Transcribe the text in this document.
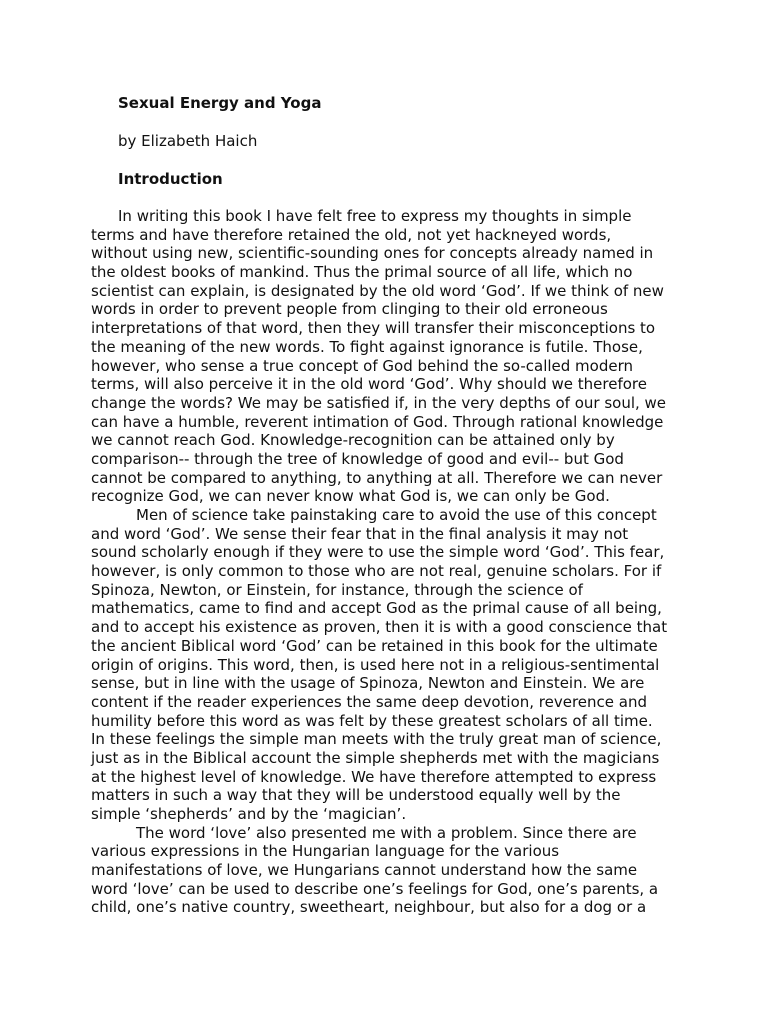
Sexual Energy and Yoga
by Elizabeth Haich
Introduction
In writing this book I have felt free to express my thoughts in simple
terms and have therefore retained the old, not yet hackneyed words,
without using new, scientific-sounding ones for concepts already named in
the oldest books of mankind. Thus the primal source of all life, which no
scientist can explain, is designated by the old word ‘God’. If we think of new
words in order to prevent people from clinging to their old erroneous
interpretations of that word, then they will transfer their misconceptions to
the meaning of the new words. To fight against ignorance is futile. Those,
however, who sense a true concept of God behind the so-called modern
terms, will also perceive it in the old word ‘God’. Why should we therefore
change the words? We may be satisfied if, in the very depths of our soul, we
can have a humble, reverent intimation of God. Through rational knowledge
we cannot reach God. Knowledge-recognition can be attained only by
comparison-- through the tree of knowledge of good and evil-- but God
cannot be compared to anything, to anything at all. Therefore we can never
recognize God, we can never know what God is, we can only be God.
Men of science take painstaking care to avoid the use of this concept
and word ‘God’. We sense their fear that in the final analysis it may not
sound scholarly enough if they were to use the simple word ‘God’. This fear,
however, is only common to those who are not real, genuine scholars. For if
Spinoza, Newton, or Einstein, for instance, through the science of
mathematics, came to find and accept God as the primal cause of all being,
and to accept his existence as proven, then it is with a good conscience that
the ancient Biblical word ‘God’ can be retained in this book for the ultimate
origin of origins. This word, then, is used here not in a religious-sentimental
sense, but in line with the usage of Spinoza, Newton and Einstein. We are
content if the reader experiences the same deep devotion, reverence and
humility before this word as was felt by these greatest scholars of all time.
In these feelings the simple man meets with the truly great man of science,
just as in the Biblical account the simple shepherds met with the magicians
at the highest level of knowledge. We have therefore attempted to express
matters in such a way that they will be understood equally well by the
simple ‘shepherds’ and by the ‘magician’.
The word ‘love’ also presented me with a problem. Since there are
various expressions in the Hungarian language for the various
manifestations of love, we Hungarians cannot understand how the same
word ‘love’ can be used to describe one’s feelings for God, one’s parents, a
child, one’s native country, sweetheart, neighbour, but also for a dog or a
